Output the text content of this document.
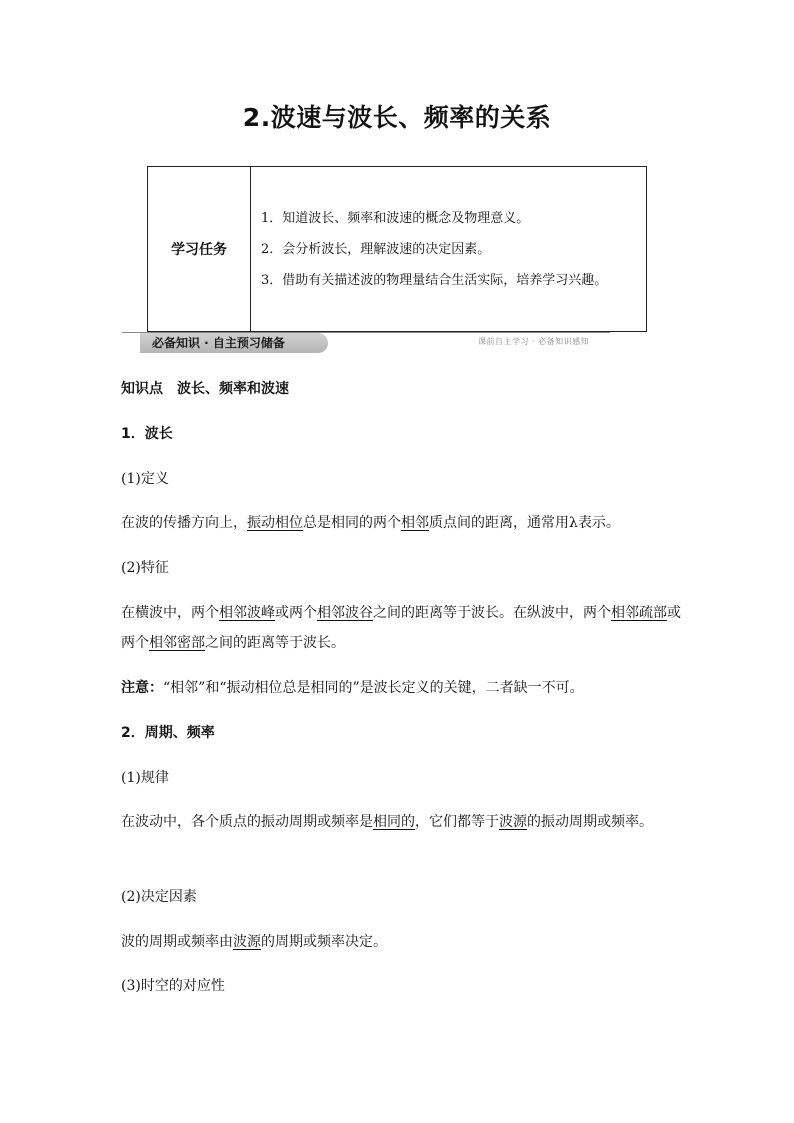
2.波速与波长、频率的关系
学习任务	

1．知道波长、频率和波速的概念及物理意义。

2．会分析波长，理解波速的决定因素。

3．借助有关描述波的物理量结合生活实际，培养学习兴趣。

必备知识 · 自主预习储备	课前自主学习 · 必备知识感知

知识点　波长、频率和波速

1．波长

(1)定义

在波的传播方向上，振动相位总是相同的两个相邻质点间的距离，通常用λ表示。

(2)特征

在横波中，两个相邻波峰或两个相邻波谷之间的距离等于波长。在纵波中，两个相邻疏部或两个相邻密部之间的距离等于波长。

注意：“相邻”和“振动相位总是相同的”是波长定义的关键，二者缺一不可。

2．周期、频率

(1)规律

在波动中，各个质点的振动周期或频率是相同的，它们都等于波源的振动周期或频率。

(2)决定因素

波的周期或频率由波源的周期或频率决定。

(3)时空的对应性
